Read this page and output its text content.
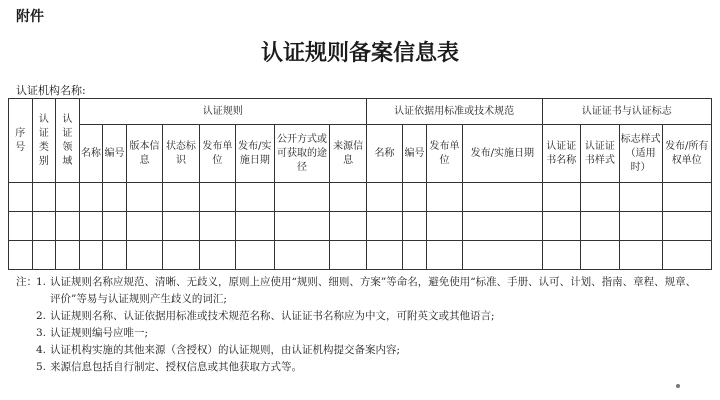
附件
认证规则备案信息表
认证机构名称:
序号	认证类别	认证领域	认证规则								认证依据用标准或技术规范				认证证书与认证标志			
			名称	编号	版本信息	状态标识	发布单位	发布/实施日期	公开方式或可获取的途径	来源信息	名称	编号	发布单位	发布/实施日期	认证证书名称	认证证书样式	标志样式（适用时）	发布/所有权单位

注： 1. 认证规则名称应规范、清晰、无歧义，原则上应使用“规则、细则、方案”等命名，避免使用“标准、手册、认可、计划、指南、章程、规章、评价”等易与认证规则产生歧义的词汇;
2. 认证规则名称、认证依据用标准或技术规范名称、认证证书名称应为中文，可附英文或其他语言;
3. 认证规则编号应唯一;
4. 认证机构实施的其他来源（含授权）的认证规则，由认证机构提交备案内容;
5. 来源信息包括自行制定、授权信息或其他获取方式等。
